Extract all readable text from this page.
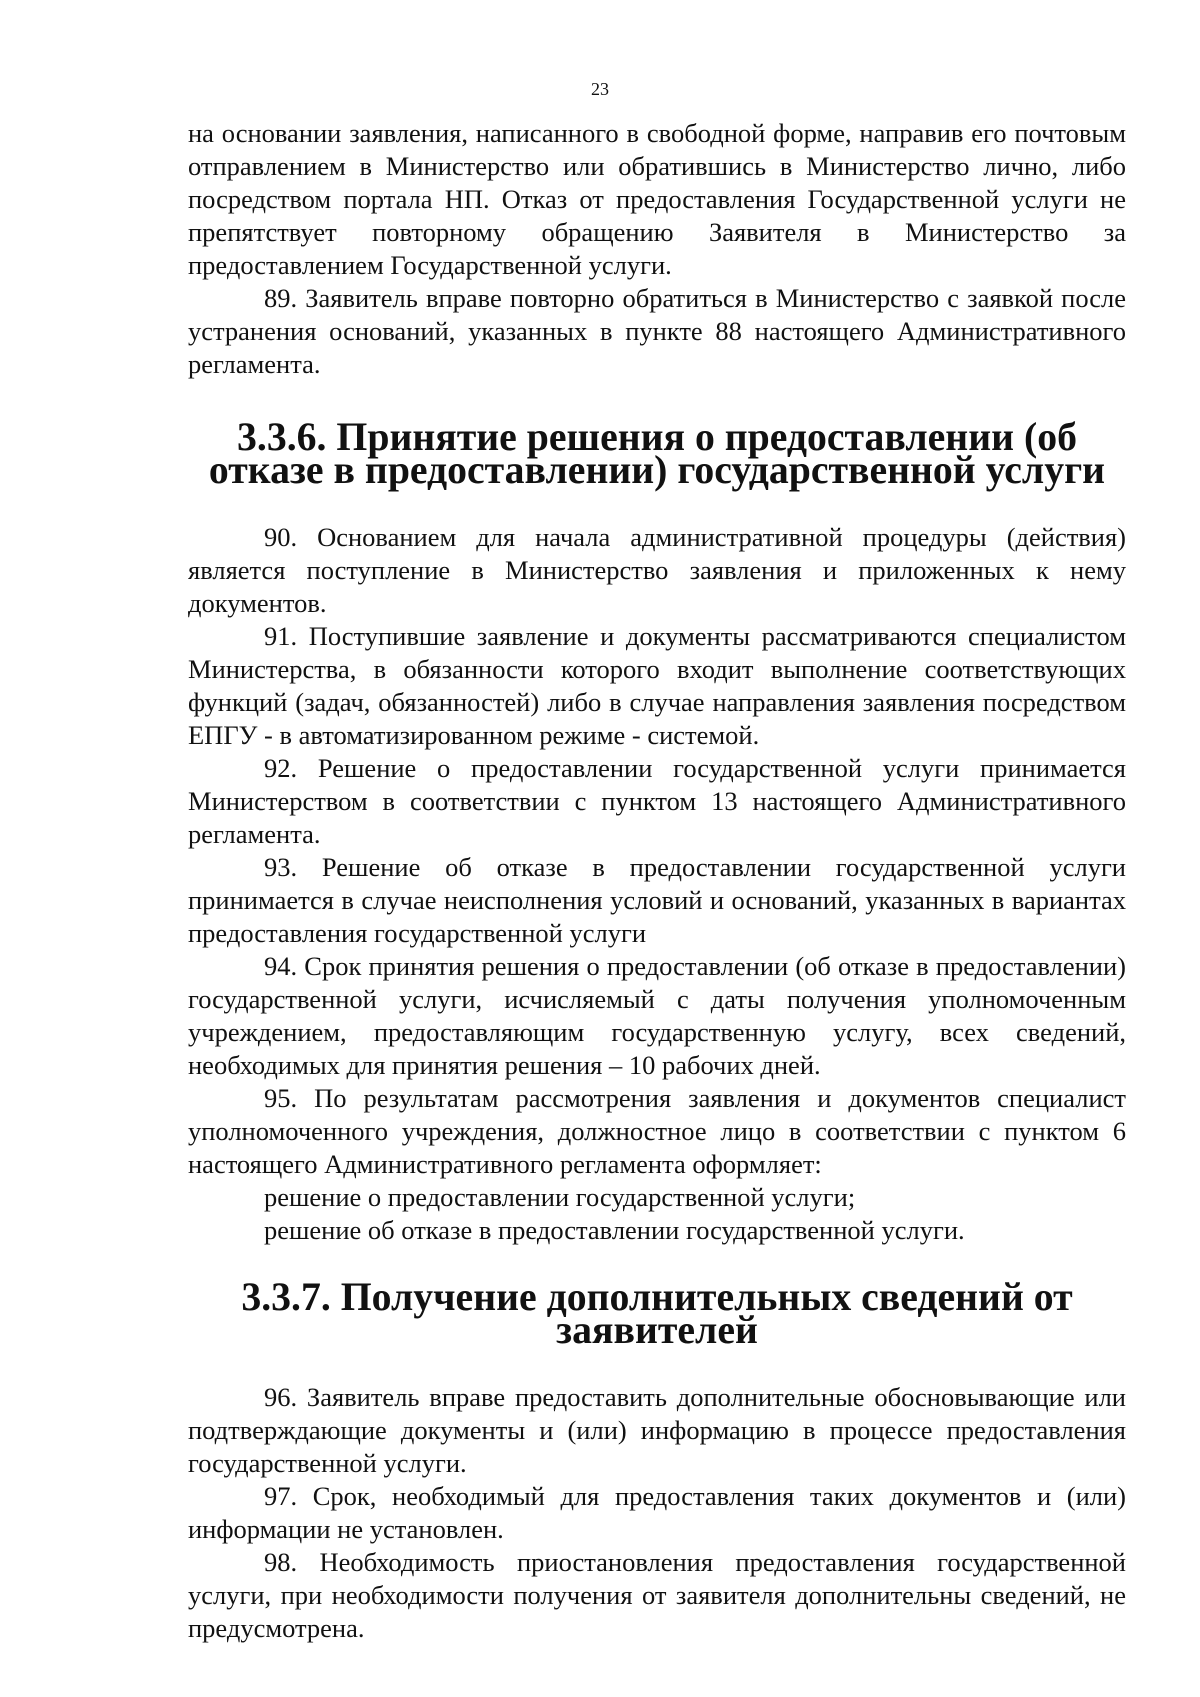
23

на основании заявления, написанного в свободной форме, направив его почтовым отправлением в Министерство или обратившись в Министерство лично, либо посредством портала НП. Отказ от предоставления Государственной услуги не препятствует повторному обращению Заявителя в Министерство за предоставлением Государственной услуги.

89. Заявитель вправе повторно обратиться в Министерство с заявкой после устранения оснований, указанных в пункте 88 настоящего Административного регламента.

3.3.6. Принятие решения о предоставлении (об отказе в предоставлении) государственной услуги

90. Основанием для начала административной процедуры (действия) является поступление в Министерство заявления и приложенных к нему документов.

91. Поступившие заявление и документы рассматриваются специалистом Министерства, в обязанности которого входит выполнение соответствующих функций (задач, обязанностей) либо в случае направления заявления посредством ЕПГУ - в автоматизированном режиме - системой.

92. Решение о предоставлении государственной услуги принимается Министерством в соответствии с пунктом 13 настоящего Административного регламента.

93. Решение об отказе в предоставлении государственной услуги принимается в случае неисполнения условий и оснований, указанных в вариантах предоставления государственной услуги

94. Срок принятия решения о предоставлении (об отказе в предоставлении) государственной услуги, исчисляемый с даты получения уполномоченным учреждением, предоставляющим государственную услугу, всех сведений, необходимых для принятия решения – 10 рабочих дней.

95. По результатам рассмотрения заявления и документов специалист уполномоченного учреждения, должностное лицо в соответствии с пунктом 6 настоящего Административного регламента оформляет:

решение о предоставлении государственной услуги;

решение об отказе в предоставлении государственной услуги.

3.3.7. Получение дополнительных сведений от заявителей

96. Заявитель вправе предоставить дополнительные обосновывающие или подтверждающие документы и (или) информацию в процессе предоставления государственной услуги.

97. Срок, необходимый для предоставления таких документов и (или) информации не установлен.

98. Необходимость приостановления предоставления государственной услуги, при необходимости получения от заявителя дополнительны сведений, не предусмотрена.
